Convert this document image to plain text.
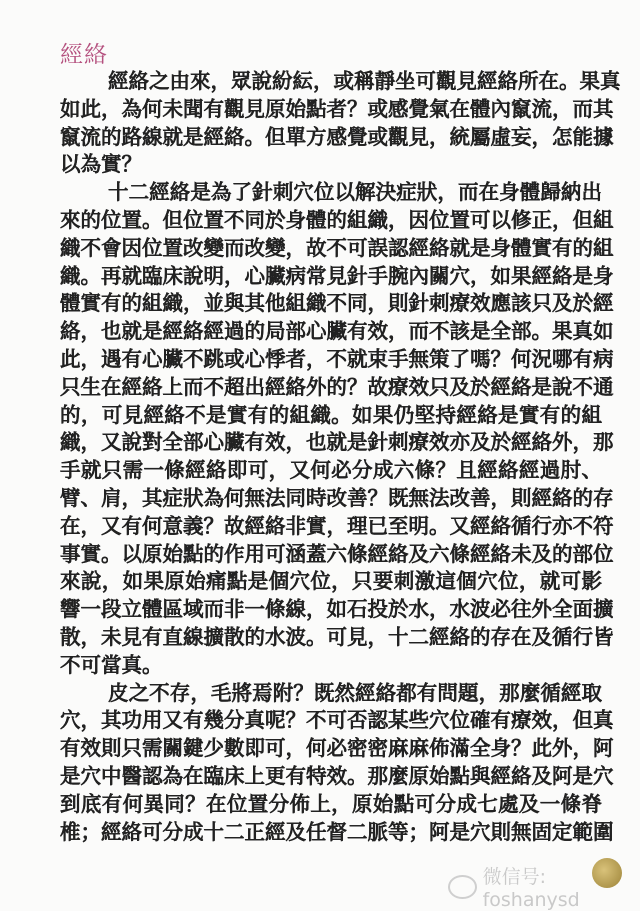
經絡
經絡之由來，眾說紛紜，或稱靜坐可觀見經絡所在。果真
如此，為何未聞有觀見原始點者？或感覺氣在體內竄流，而其
竄流的路線就是經絡。但單方感覺或觀見，統屬虛妄，怎能據
以為實？
十二經絡是為了針刺穴位以解決症狀，而在身體歸納出
來的位置。但位置不同於身體的組織，因位置可以修正，但組
織不會因位置改變而改變，故不可誤認經絡就是身體實有的組
織。再就臨床說明，心臟病常見針手腕內關穴，如果經絡是身
體實有的組織，並與其他組織不同，則針刺療效應該只及於經
絡，也就是經絡經過的局部心臟有效，而不該是全部。果真如
此，遇有心臟不跳或心悸者，不就束手無策了嗎？何況哪有病
只生在經絡上而不超出經絡外的？故療效只及於經絡是說不通
的，可見經絡不是實有的組織。如果仍堅持經絡是實有的組
織，又說對全部心臟有效，也就是針刺療效亦及於經絡外，那
手就只需一條經絡即可，又何必分成六條？且經絡經過肘、
臂、肩，其症狀為何無法同時改善？既無法改善，則經絡的存
在，又有何意義？故經絡非實，理已至明。又經絡循行亦不符
事實。以原始點的作用可涵蓋六條經絡及六條經絡未及的部位
來說，如果原始痛點是個穴位，只要刺激這個穴位，就可影
響一段立體區域而非一條線，如石投於水，水波必往外全面擴
散，未見有直線擴散的水波。可見，十二經絡的存在及循行皆
不可當真。
皮之不存，毛將焉附？既然經絡都有問題，那麼循經取
穴，其功用又有幾分真呢？不可否認某些穴位確有療效，但真
有效則只需關鍵少數即可，何必密密麻麻佈滿全身？此外，阿
是穴中醫認為在臨床上更有特效。那麼原始點與經絡及阿是穴
到底有何異同？在位置分佈上，原始點可分成七處及一條脊
椎；經絡可分成十二正經及任督二脈等；阿是穴則無固定範圍
微信号: foshanysd
